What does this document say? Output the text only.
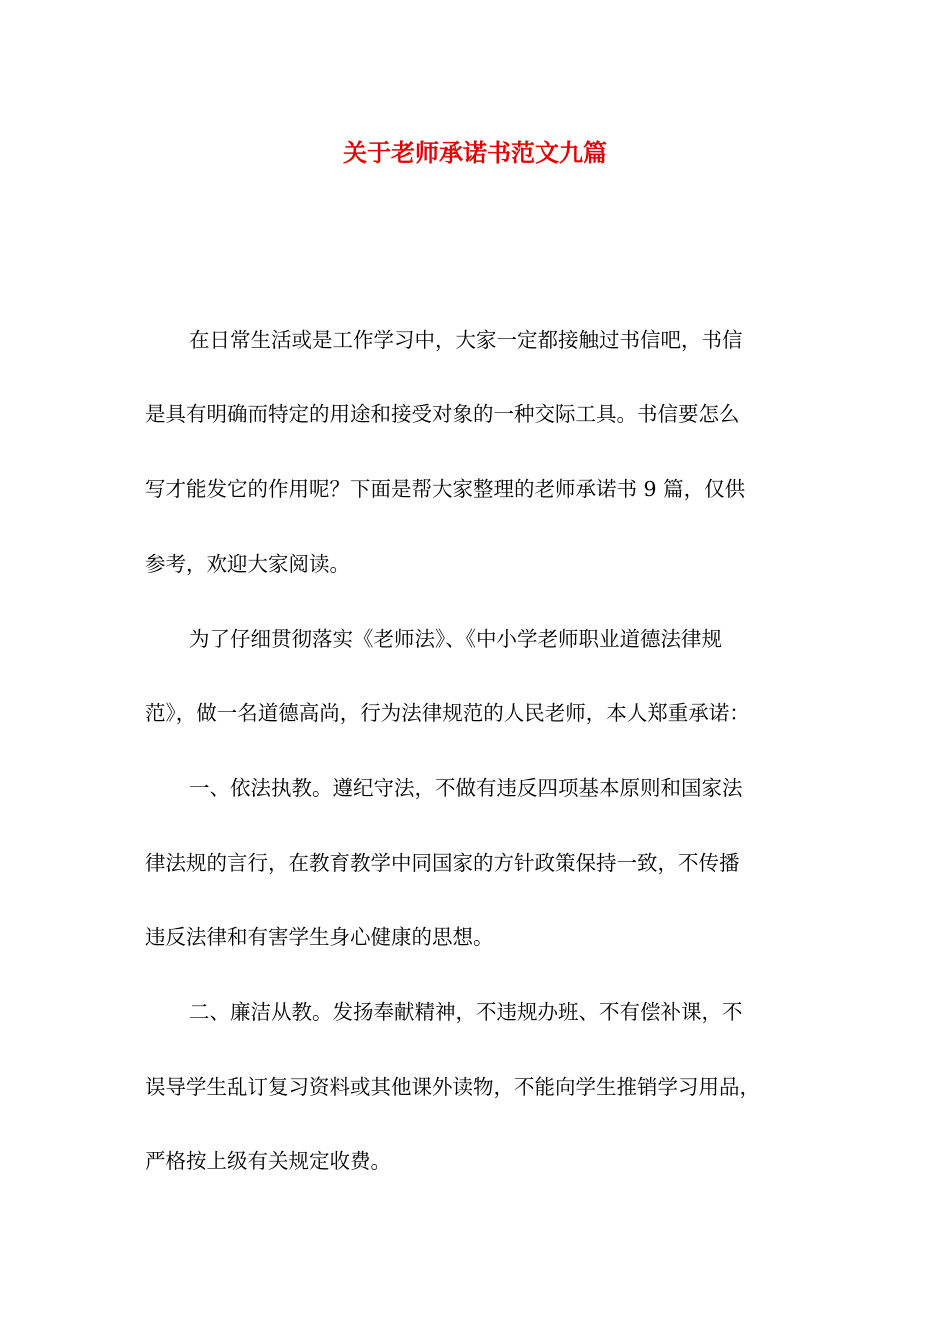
关于老师承诺书范文九篇

在日常生活或是工作学习中，大家一定都接触过书信吧，书信

是具有明确而特定的用途和接受对象的一种交际工具。书信要怎么

写才能发它的作用呢？下面是帮大家整理的老师承诺书 9 篇，仅供

参考，欢迎大家阅读。

为了仔细贯彻落实《老师法》、《中小学老师职业道德法律规

范》，做一名道德高尚，行为法律规范的人民老师，本人郑重承诺：

一、依法执教。遵纪守法，不做有违反四项基本原则和国家法

律法规的言行，在教育教学中同国家的方针政策保持一致，不传播

违反法律和有害学生身心健康的思想。

二、廉洁从教。发扬奉献精神，不违规办班、不有偿补课，不

误导学生乱订复习资料或其他课外读物，不能向学生推销学习用品，

严格按上级有关规定收费。
